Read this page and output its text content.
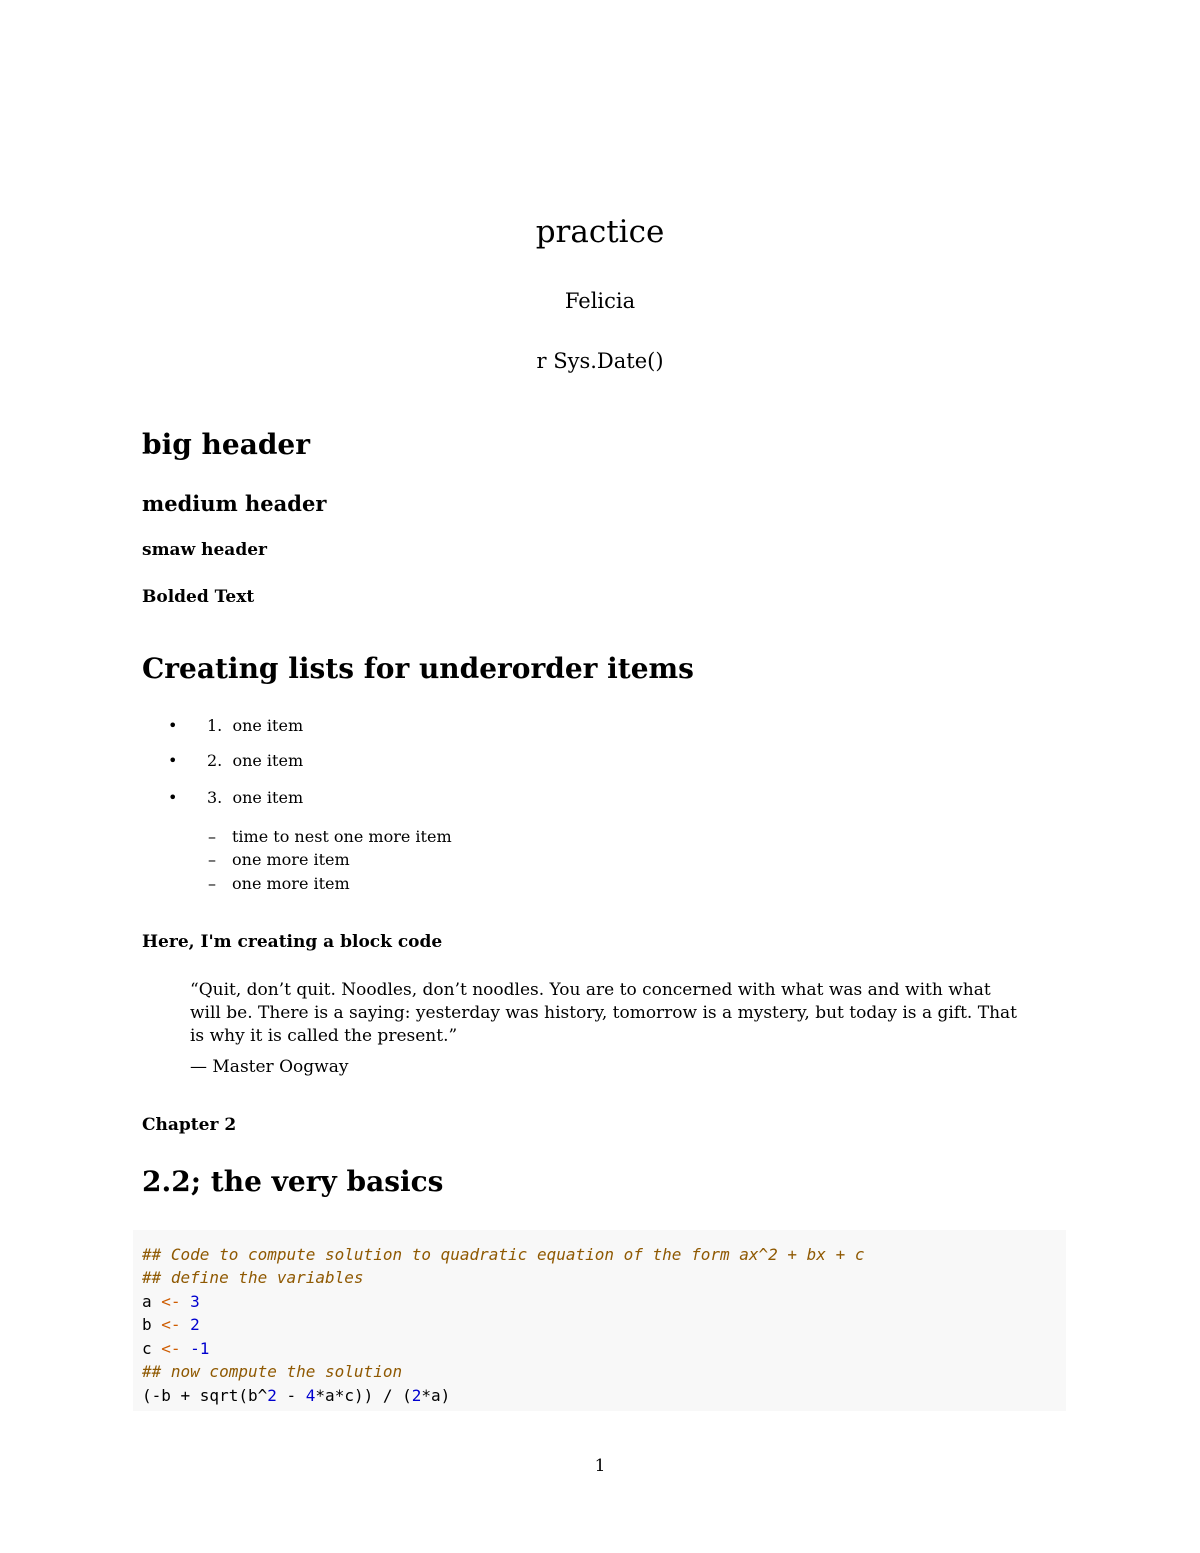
practice
Felicia
r Sys.Date()
big header
medium header
smaw header
Bolded Text
Creating lists for underorder items
• 1. one item
• 2. one item
• 3. one item
– time to nest one more item
– one more item
– one more item
Here, I'm creating a block code
“Quit, don’t quit. Noodles, don’t noodles. You are to concerned with what was and with what will be. There is a saying: yesterday was history, tomorrow is a mystery, but today is a gift. That is why it is called the present.”
— Master Oogway
Chapter 2
2.2; the very basics
## Code to compute solution to quadratic equation of the form ax^2 + bx + c
## define the variables
a <- 3
b <- 2
c <- -1
## now compute the solution
(-b + sqrt(b^2 - 4*a*c)) / (2*a)
1
